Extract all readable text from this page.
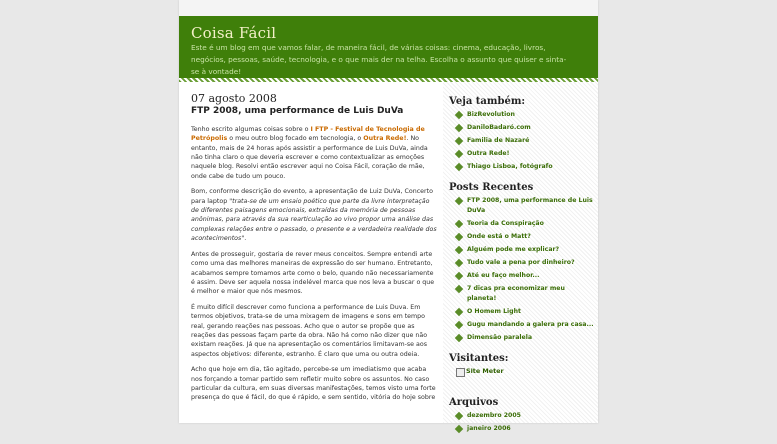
Coisa Fácil
Este é um blog em que vamos falar, de maneira fácil, de várias coisas: cinema, educação, livros, negócios, pessoas, saúde, tecnologia, e o que mais der na telha. Escolha o assunto que quiser e sinta-se à vontade!
07 agosto 2008
FTP 2008, uma performance de Luis DuVa

Tenho escrito algumas coisas sobre o I FTP - Festival de Tecnologia de Petrópolis o meu outro blog focado em tecnologia, o Outra Rede!. No entanto, mais de 24 horas após assistir a performance de Luis DuVa, ainda não tinha claro o que deveria escrever e como contextualizar as emoções naquele blog. Resolvi então escrever aqui no Coisa Fácil, coração de mãe, onde cabe de tudo um pouco.

Bom, conforme descrição do evento, a apresentação de Luiz DuVa, Concerto para laptop "trata-se de um ensaio poético que parte da livre interpretação de diferentes paisagens emocionais, extraídas da memória de pessoas anônimas, para através da sua rearticulação ao vivo propor uma análise das complexas relações entre o passado, o presente e a verdadeira realidade dos acontecimentos".

Antes de prosseguir, gostaria de rever meus conceitos. Sempre entendi arte como uma das melhores maneiras de expressão do ser humano. Entretanto, acabamos sempre tomamos arte como o belo, quando não necessariamente é assim. Deve ser aquela nossa indelével marca que nos leva a buscar o que é melhor e maior que nós mesmos.

É muito difícil descrever como funciona a performance de Luis Duva. Em termos objetivos, trata-se de uma mixagem de imagens e sons em tempo real, gerando reações nas pessoas. Acho que o autor se propõe que as reações das pessoas façam parte da obra. Não há como não dizer que não existam reações. Já que na apresentação os comentários limitavam-se aos aspectos objetivos: diferente, estranho. É claro que uma ou outra odeia.

Acho que hoje em dia, tão agitado, percebe-se um imediatismo que acaba nos forçando a tomar partido sem refletir muito sobre os assuntos. No caso particular da cultura, em suas diversas manifestações, temos visto uma forte presença do que é fácil, do que é rápido, e sem sentido, vitória do hoje sobre

Veja também:
BizRevolution
DaniloBadaró.com
Familia de Nazaré
Outra Rede!
Thiago Lisboa, fotógrafo
Posts Recentes
FTP 2008, uma performance de Luis DuVa
Teoria da Conspiração
Onde está o Matt?
Alguém pode me explicar?
Tudo vale a pena por dinheiro?
Até eu faço melhor...
7 dicas pra economizar meu planeta!
O Homem Light
Gugu mandando a galera pra casa...
Dimensão paralela
Visitantes:
Site Meter
Arquivos
dezembro 2005
janeiro 2006
